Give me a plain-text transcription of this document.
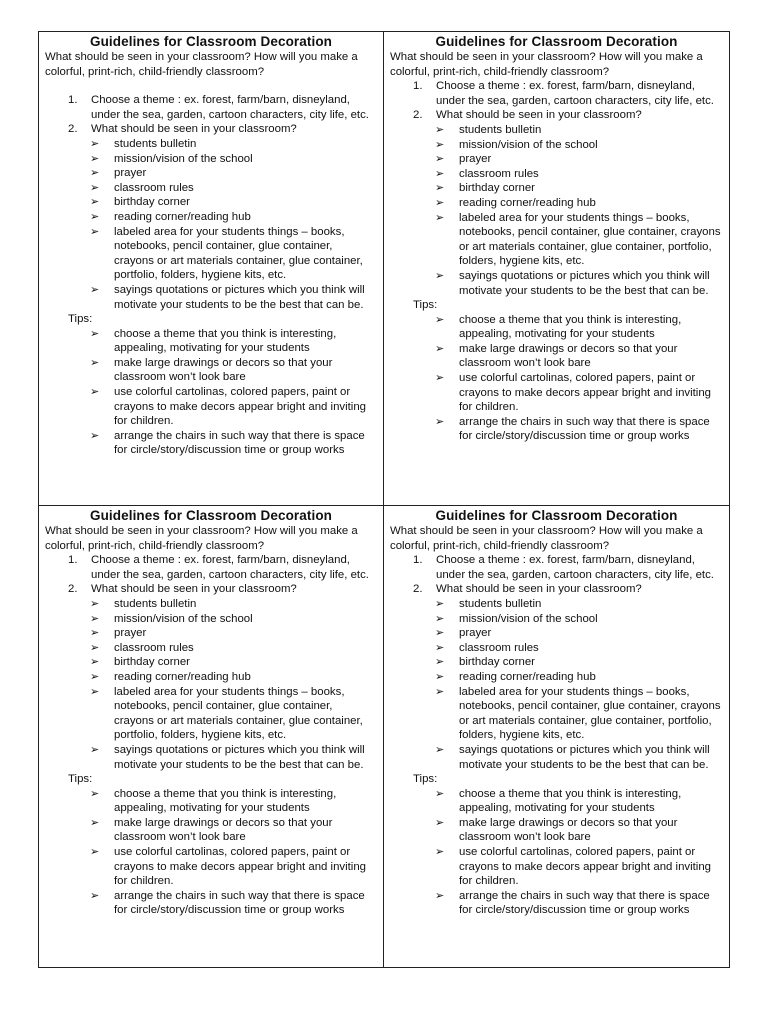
Guidelines for Classroom Decoration
What should be seen in your classroom? How will you make a colorful, print-rich, child-friendly classroom?
1. Choose a theme : ex. forest, farm/barn, disneyland, under the sea, garden, cartoon characters, city life, etc.
2. What should be seen in your classroom?
➢ students bulletin
➢ mission/vision of the school
➢ prayer
➢ classroom rules
➢ birthday corner
➢ reading corner/reading hub
➢ labeled area for your students things – books, notebooks, pencil container, glue container, crayons or art materials container, glue container, portfolio, folders, hygiene kits, etc.
➢ sayings quotations or pictures which you think will motivate your students to be the best that can be.
Tips:
➢ choose a theme that you think is interesting, appealing, motivating for your students
➢ make large drawings or decors so that your classroom won’t look bare
➢ use colorful cartolinas, colored papers, paint or crayons to make decors appear bright and inviting for children.
➢ arrange the chairs in such way that there is space for circle/story/discussion time or group works
Guidelines for Classroom Decoration
What should be seen in your classroom? How will you make a colorful, print-rich, child-friendly classroom?
1. Choose a theme : ex. forest, farm/barn, disneyland, under the sea, garden, cartoon characters, city life, etc.
2. What should be seen in your classroom?
➢ students bulletin
➢ mission/vision of the school
➢ prayer
➢ classroom rules
➢ birthday corner
➢ reading corner/reading hub
➢ labeled area for your students things – books, notebooks, pencil container, glue container, crayons or art materials container, glue container, portfolio, folders, hygiene kits, etc.
➢ sayings quotations or pictures which you think will motivate your students to be the best that can be.
Tips:
➢ choose a theme that you think is interesting, appealing, motivating for your students
➢ make large drawings or decors so that your classroom won’t look bare
➢ use colorful cartolinas, colored papers, paint or crayons to make decors appear bright and inviting for children.
➢ arrange the chairs in such way that there is space for circle/story/discussion time or group works
Guidelines for Classroom Decoration
What should be seen in your classroom? How will you make a colorful, print-rich, child-friendly classroom?
1. Choose a theme : ex. forest, farm/barn, disneyland, under the sea, garden, cartoon characters, city life, etc.
2. What should be seen in your classroom?
➢ students bulletin
➢ mission/vision of the school
➢ prayer
➢ classroom rules
➢ birthday corner
➢ reading corner/reading hub
➢ labeled area for your students things – books, notebooks, pencil container, glue container, crayons or art materials container, glue container, portfolio, folders, hygiene kits, etc.
➢ sayings quotations or pictures which you think will motivate your students to be the best that can be.
Tips:
➢ choose a theme that you think is interesting, appealing, motivating for your students
➢ make large drawings or decors so that your classroom won’t look bare
➢ use colorful cartolinas, colored papers, paint or crayons to make decors appear bright and inviting for children.
➢ arrange the chairs in such way that there is space for circle/story/discussion time or group works
Guidelines for Classroom Decoration
What should be seen in your classroom? How will you make a colorful, print-rich, child-friendly classroom?
1. Choose a theme : ex. forest, farm/barn, disneyland, under the sea, garden, cartoon characters, city life, etc.
2. What should be seen in your classroom?
➢ students bulletin
➢ mission/vision of the school
➢ prayer
➢ classroom rules
➢ birthday corner
➢ reading corner/reading hub
➢ labeled area for your students things – books, notebooks, pencil container, glue container, crayons or art materials container, glue container, portfolio, folders, hygiene kits, etc.
➢ sayings quotations or pictures which you think will motivate your students to be the best that can be.
Tips:
➢ choose a theme that you think is interesting, appealing, motivating for your students
➢ make large drawings or decors so that your classroom won’t look bare
➢ use colorful cartolinas, colored papers, paint or crayons to make decors appear bright and inviting for children.
➢ arrange the chairs in such way that there is space for circle/story/discussion time or group works
